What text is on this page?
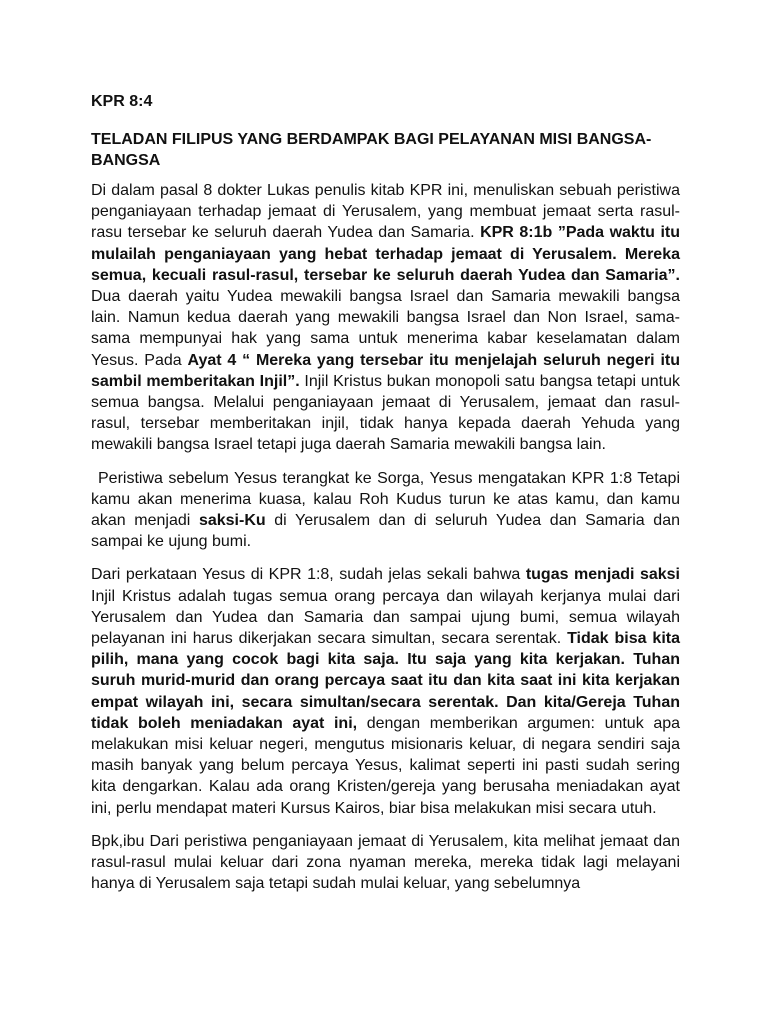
KPR 8:4
TELADAN FILIPUS YANG BERDAMPAK BAGI PELAYANAN MISI BANGSA-BANGSA

Di dalam pasal 8 dokter Lukas penulis kitab KPR ini, menuliskan sebuah peristiwa penganiayaan terhadap jemaat di Yerusalem, yang membuat jemaat serta rasul-rasu tersebar ke seluruh daerah Yudea dan Samaria. KPR 8:1b ”Pada waktu itu mulailah penganiayaan yang hebat terhadap jemaat di Yerusalem. Mereka semua, kecuali rasul-rasul, tersebar ke seluruh daerah Yudea dan Samaria”. Dua daerah yaitu Yudea mewakili bangsa Israel dan Samaria mewakili bangsa lain. Namun kedua daerah yang mewakili bangsa Israel dan Non Israel, sama-sama mempunyai hak yang sama untuk menerima kabar keselamatan dalam Yesus. Pada Ayat 4 “ Mereka yang tersebar itu menjelajah seluruh negeri itu sambil memberitakan Injil”. Injil Kristus bukan monopoli satu bangsa tetapi untuk semua bangsa. Melalui penganiayaan jemaat di Yerusalem, jemaat dan rasul-rasul, tersebar memberitakan injil, tidak hanya kepada daerah Yehuda yang mewakili bangsa Israel tetapi juga daerah Samaria mewakili bangsa lain.

Peristiwa sebelum Yesus terangkat ke Sorga, Yesus mengatakan KPR 1:8 Tetapi kamu akan menerima kuasa, kalau Roh Kudus turun ke atas kamu, dan kamu akan menjadi saksi-Ku di Yerusalem dan di seluruh Yudea dan Samaria dan sampai ke ujung bumi.

Dari perkataan Yesus di KPR 1:8, sudah jelas sekali bahwa tugas menjadi saksi Injil Kristus adalah tugas semua orang percaya dan wilayah kerjanya mulai dari Yerusalem dan Yudea dan Samaria dan sampai ujung bumi, semua wilayah pelayanan ini harus dikerjakan secara simultan, secara serentak. Tidak bisa kita pilih, mana yang cocok bagi kita saja. Itu saja yang kita kerjakan. Tuhan suruh murid-murid dan orang percaya saat itu dan kita saat ini kita kerjakan empat wilayah ini, secara simultan/secara serentak. Dan kita/Gereja Tuhan tidak boleh meniadakan ayat ini, dengan memberikan argumen: untuk apa melakukan misi keluar negeri, mengutus misionaris keluar, di negara sendiri saja masih banyak yang belum percaya Yesus, kalimat seperti ini pasti sudah sering kita dengarkan. Kalau ada orang Kristen/gereja yang berusaha meniadakan ayat ini, perlu mendapat materi Kursus Kairos, biar bisa melakukan misi secara utuh.

Bpk,ibu Dari peristiwa penganiayaan jemaat di Yerusalem, kita melihat jemaat dan rasul-rasul mulai keluar dari zona nyaman mereka, mereka tidak lagi melayani hanya di Yerusalem saja tetapi sudah mulai keluar, yang sebelumnya
